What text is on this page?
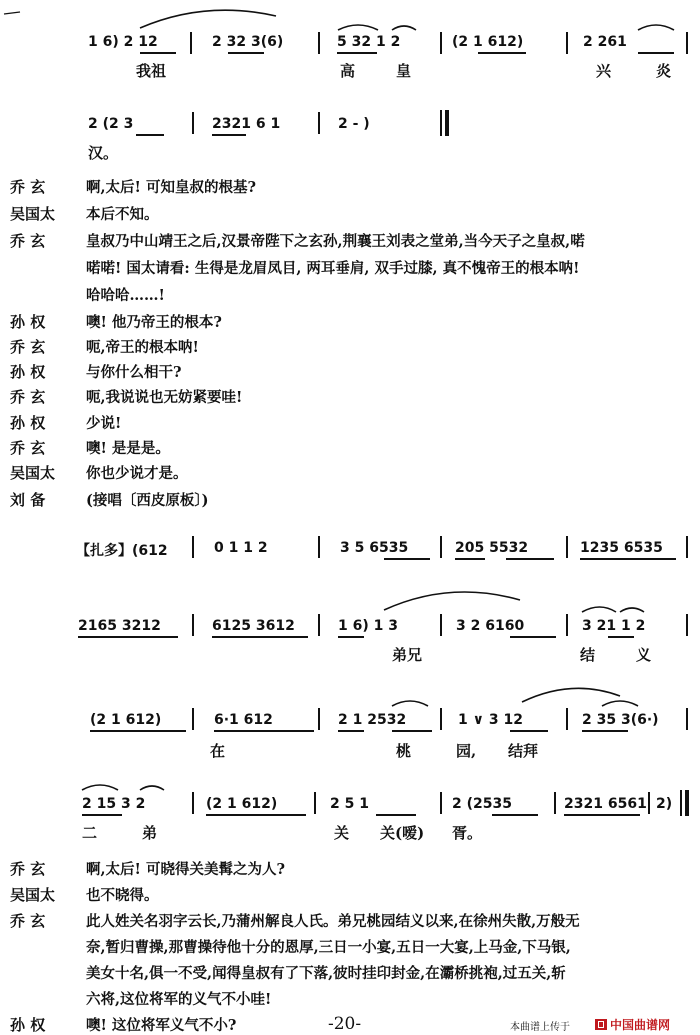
1 6) 2 12	2 32 3(6)	5 32 1 2	(2 1 612)	2 261
我祖	高	皇	兴	炎
2 (2 3	2321 6 1	2 - )
汉。
乔 玄	啊,太后! 可知皇叔的根基?
吴国太 本后不知。
乔 玄	皇叔乃中山靖王之后,汉景帝陛下之玄孙,荆襄王刘表之堂弟,当今天子之皇叔,喏
喏喏! 国太请看: 生得是龙眉凤目, 两耳垂肩, 双手过膝, 真不愧帝王的根本呐!
哈哈哈……!
孙 权	噢! 他乃帝王的根本?
乔 玄	呃,帝王的根本呐!
孙 权	与你什么相干?
乔 玄	呃,我说说也无妨紧要哇!
孙 权	少说!
乔 玄	噢! 是是是。
吴国太 你也少说才是。
刘 备	(接唱〔西皮原板〕)
【扎多】(612	0 1 1 2	3 5 6535	205 5532	1235 6535
2165 3212	6125 3612	1 6) 1 3	3 2 6160	3 21 1 2
弟兄	结	义
(2 1 612)	6·1 612	2 1 2532	1 ∨ 3 12	2 35 3(6·)
在	桃	园, 结拜
2 15 3 2	(2 1 612)	2 5 1	2 (2535	2321 6561 2)
二	弟	关 关(嗳) 胥。
乔 玄	啊,太后! 可晓得关美髯之为人?
吴国太 也不晓得。
乔 玄	此人姓关名羽字云长,乃蒲州解良人氏。弟兄桃园结义以来,在徐州失散,万般无
奈,暂归曹操,那曹操待他十分的恩厚,三日一小宴,五日一大宴,上马金,下马银,
美女十名,俱一不受,闻得皇叔有了下落,彼时挂印封金,在灞桥挑袍,过五关,斩
六将,这位将军的义气不小哇!
孙 权	噢! 这位将军义气不小?	-20-	本曲谱上传于	中国曲谱网
